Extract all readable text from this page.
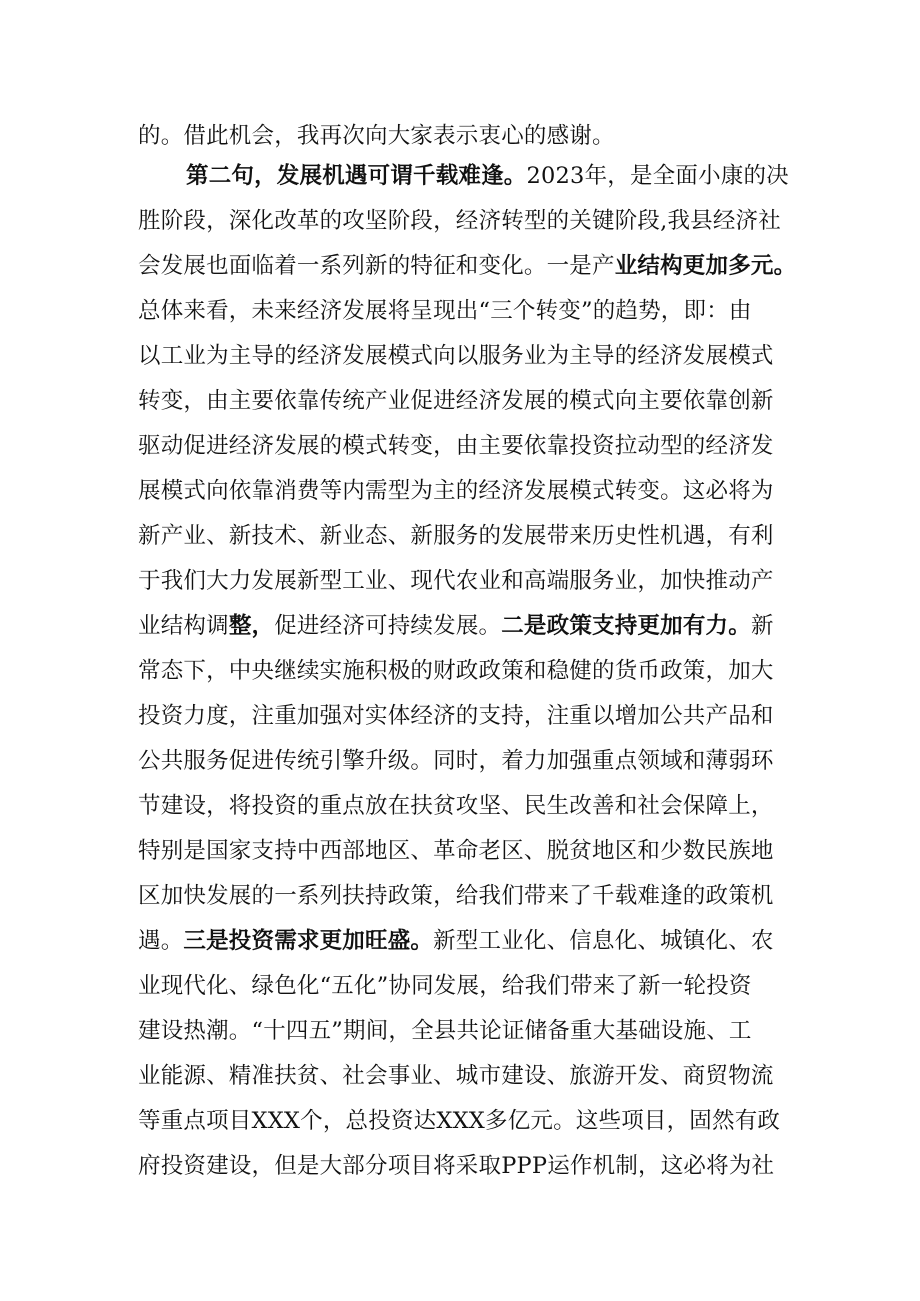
的。借此机会，我再次向大家表示衷心的感谢。
第二句，发展机遇可谓千载难逢。2023年，是全面小康的决
胜阶段，深化改革的攻坚阶段，经济转型的关键阶段,我县经济社
会发展也面临着一系列新的特征和变化。一是产业结构更加多元。
总体来看，未来经济发展将呈现出“三个转变”的趋势，即：由
以工业为主导的经济发展模式向以服务业为主导的经济发展模式
转变，由主要依靠传统产业促进经济发展的模式向主要依靠创新
驱动促进经济发展的模式转变，由主要依靠投资拉动型的经济发
展模式向依靠消费等内需型为主的经济发展模式转变。这必将为
新产业、新技术、新业态、新服务的发展带来历史性机遇，有利
于我们大力发展新型工业、现代农业和高端服务业，加快推动产
业结构调整，促进经济可持续发展。二是政策支持更加有力。新
常态下，中央继续实施积极的财政政策和稳健的货币政策，加大
投资力度，注重加强对实体经济的支持，注重以增加公共产品和
公共服务促进传统引擎升级。同时，着力加强重点领域和薄弱环
节建设，将投资的重点放在扶贫攻坚、民生改善和社会保障上，
特别是国家支持中西部地区、革命老区、脱贫地区和少数民族地
区加快发展的一系列扶持政策，给我们带来了千载难逢的政策机
遇。三是投资需求更加旺盛。新型工业化、信息化、城镇化、农
业现代化、绿色化“五化”协同发展，给我们带来了新一轮投资
建设热潮。“十四五”期间，全县共论证储备重大基础设施、工
业能源、精准扶贫、社会事业、城市建设、旅游开发、商贸物流
等重点项目XXX个，总投资达XXX多亿元。这些项目，固然有政
府投资建设，但是大部分项目将采取PPP运作机制，这必将为社
